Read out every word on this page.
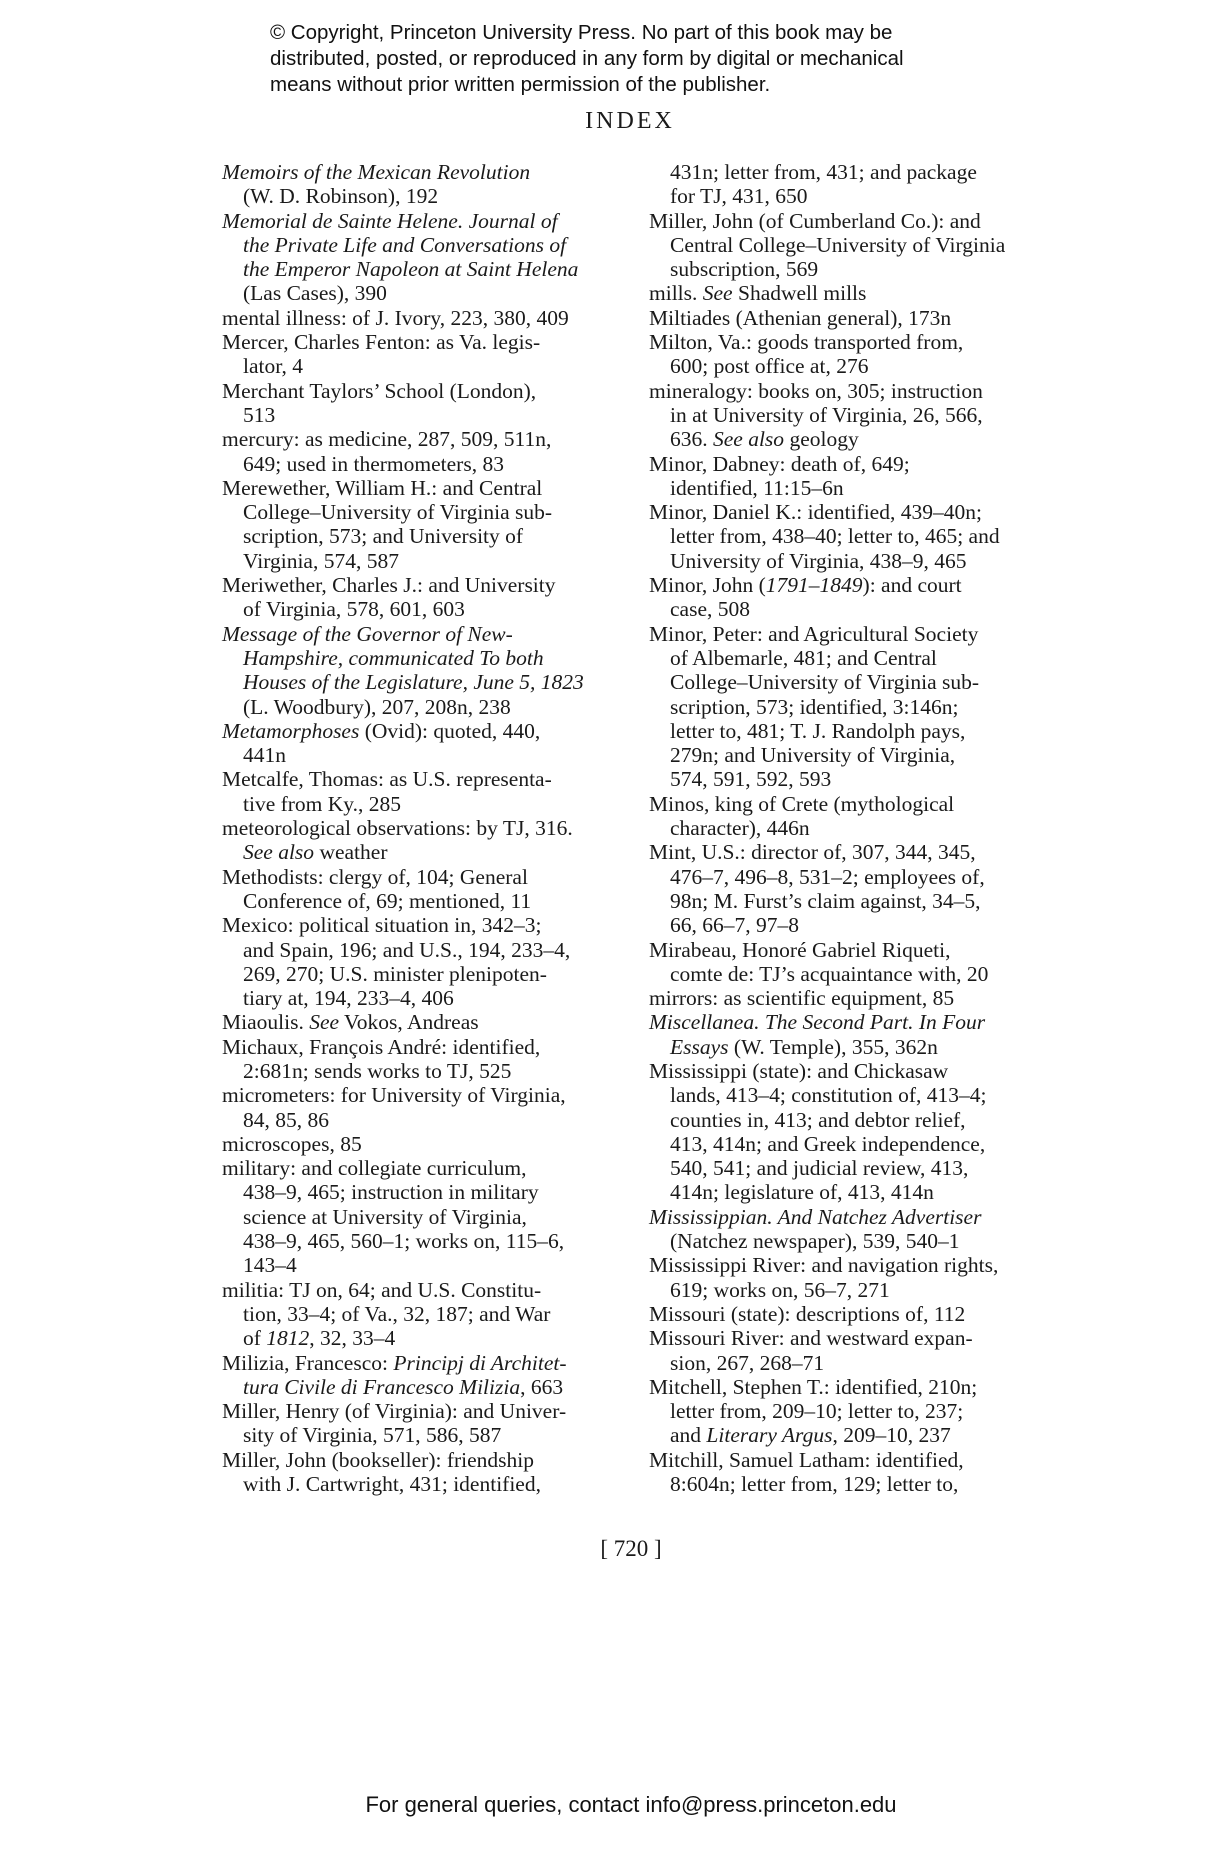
© Copyright, Princeton University Press. No part of this book may be
distributed, posted, or reproduced in any form by digital or mechanical
means without prior written permission of the publisher.
INDEX
Memoirs of the Mexican Revolution
(W. D. Robinson), 192
Memorial de Sainte Helene. Journal of
the Private Life and Conversations of
the Emperor Napoleon at Saint Helena
(Las Cases), 390
mental illness: of J. Ivory, 223, 380, 409
Mercer, Charles Fenton: as Va. legis-
lator, 4
Merchant Taylors’ School (London),
513
mercury: as medicine, 287, 509, 511n,
649; used in thermometers, 83
Merewether, William H.: and Central
College–University of Virginia sub-
scription, 573; and University of
Virginia, 574, 587
Meriwether, Charles J.: and University
of Virginia, 578, 601, 603
Message of the Governor of New-
Hampshire, communicated To both
Houses of the Legislature, June 5, 1823
(L. Woodbury), 207, 208n, 238
Metamorphoses (Ovid): quoted, 440,
441n
Metcalfe, Thomas: as U.S. representa-
tive from Ky., 285
meteorological observations: by TJ, 316.
See also weather
Methodists: clergy of, 104; General
Conference of, 69; mentioned, 11
Mexico: political situation in, 342–3;
and Spain, 196; and U.S., 194, 233–4,
269, 270; U.S. minister plenipoten-
tiary at, 194, 233–4, 406
Miaoulis. See Vokos, Andreas
Michaux, François André: identified,
2:681n; sends works to TJ, 525
micrometers: for University of Virginia,
84, 85, 86
microscopes, 85
military: and collegiate curriculum,
438–9, 465; instruction in military
science at University of Virginia,
438–9, 465, 560–1; works on, 115–6,
143–4
militia: TJ on, 64; and U.S. Constitu-
tion, 33–4; of Va., 32, 187; and War
of 1812, 32, 33–4
Milizia, Francesco: Principj di Architet-
tura Civile di Francesco Milizia, 663
Miller, Henry (of Virginia): and Univer-
sity of Virginia, 571, 586, 587
Miller, John (bookseller): friendship
with J. Cartwright, 431; identified,
431n; letter from, 431; and package
for TJ, 431, 650
Miller, John (of Cumberland Co.): and
Central College–University of Virginia
subscription, 569
mills. See Shadwell mills
Miltiades (Athenian general), 173n
Milton, Va.: goods transported from,
600; post office at, 276
mineralogy: books on, 305; instruction
in at University of Virginia, 26, 566,
636. See also geology
Minor, Dabney: death of, 649;
identified, 11:15–6n
Minor, Daniel K.: identified, 439–40n;
letter from, 438–40; letter to, 465; and
University of Virginia, 438–9, 465
Minor, John (1791–1849): and court
case, 508
Minor, Peter: and Agricultural Society
of Albemarle, 481; and Central
College–University of Virginia sub-
scription, 573; identified, 3:146n;
letter to, 481; T. J. Randolph pays,
279n; and University of Virginia,
574, 591, 592, 593
Minos, king of Crete (mythological
character), 446n
Mint, U.S.: director of, 307, 344, 345,
476–7, 496–8, 531–2; employees of,
98n; M. Furst’s claim against, 34–5,
66, 66–7, 97–8
Mirabeau, Honoré Gabriel Riqueti,
comte de: TJ’s acquaintance with, 20
mirrors: as scientific equipment, 85
Miscellanea. The Second Part. In Four
Essays (W. Temple), 355, 362n
Mississippi (state): and Chickasaw
lands, 413–4; constitution of, 413–4;
counties in, 413; and debtor relief,
413, 414n; and Greek independence,
540, 541; and judicial review, 413,
414n; legislature of, 413, 414n
Mississippian. And Natchez Advertiser
(Natchez newspaper), 539, 540–1
Mississippi River: and navigation rights,
619; works on, 56–7, 271
Missouri (state): descriptions of, 112
Missouri River: and westward expan-
sion, 267, 268–71
Mitchell, Stephen T.: identified, 210n;
letter from, 209–10; letter to, 237;
and Literary Argus, 209–10, 237
Mitchill, Samuel Latham: identified,
8:604n; letter from, 129; letter to,
[ 720 ]
For general queries, contact info@press.princeton.edu
